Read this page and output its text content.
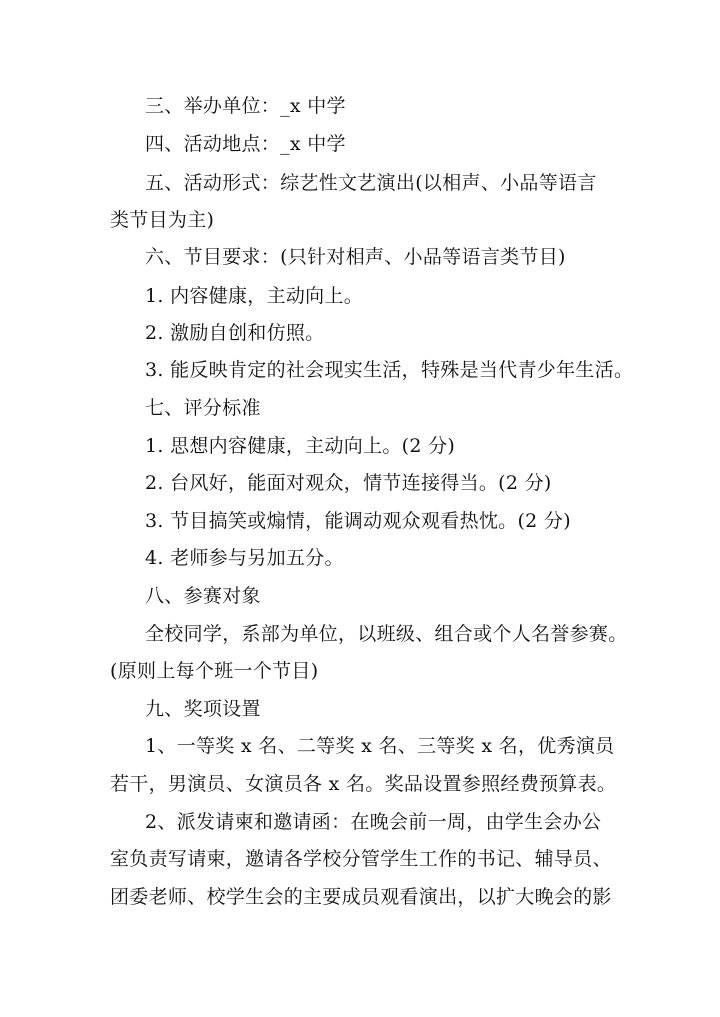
三、举办单位：_x 中学
四、活动地点：_x 中学
五、活动形式：综艺性文艺演出(以相声、小品等语言
类节目为主)
六、节目要求：(只针对相声、小品等语言类节目)
1. 内容健康，主动向上。
2. 激励自创和仿照。
3. 能反映肯定的社会现实生活，特殊是当代青少年生活。
七、评分标准
1. 思想内容健康，主动向上。(2 分)
2. 台风好，能面对观众，情节连接得当。(2 分)
3. 节目搞笑或煽情，能调动观众观看热忱。(2 分)
4. 老师参与另加五分。
八、参赛对象
全校同学，系部为单位，以班级、组合或个人名誉参赛。
(原则上每个班一个节目)
九、奖项设置
1、一等奖 x 名、二等奖 x 名、三等奖 x 名，优秀演员
若干，男演员、女演员各 x 名。奖品设置参照经费预算表。
2、派发请柬和邀请函：在晚会前一周，由学生会办公
室负责写请柬，邀请各学校分管学生工作的书记、辅导员、
团委老师、校学生会的主要成员观看演出，以扩大晚会的影
